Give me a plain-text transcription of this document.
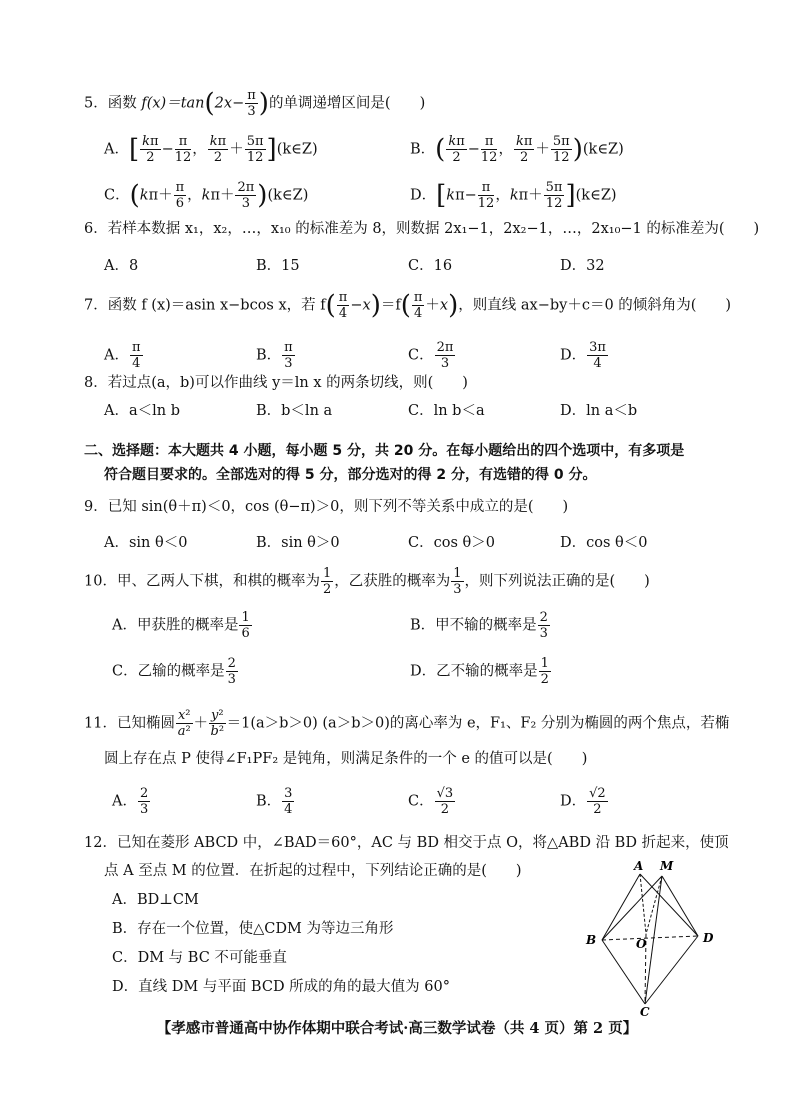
5．函数 $f(x)=\tan(2x- \frac{\pi}{3}$ )的单调递增区间是(　　)
A．[ $\frac{k\pi}{2} - \frac{\pi}{12}$ ， $\frac{k\pi}{2} + \frac{5\pi}{12}$ ](k∈Z)	B．( $\frac{k\pi}{2} - \frac{\pi}{12}$ ， $\frac{k\pi}{2} + \frac{5\pi}{12}$ )(k∈Z)
C．($k\pi+ \frac{\pi}{6}$ ，$k\pi+ \frac{2\pi}{3}$ )(k∈Z)	D．[$k\pi- \frac{\pi}{12}$ ，$k\pi+ \frac{5\pi}{12}$ ](k∈Z)
6．若样本数据 x₁，x₂，…，x₁₀ 的标准差为 8，则数据 2x₁−1，2x₂−1，…，2x₁₀−1 的标准差为(　　)
A．8	B．15	C．16	D．32
7．函数 f (x)＝asin x−bcos x，若 $f( \frac{\pi}{4} -x)=f( \frac{\pi}{4} +x)$，则直线 ax−by＋c＝0 的倾斜角为(　　)
A． $\frac{\pi}{4}$	B． $\frac{\pi}{3}$	C． $\frac{2\pi}{3}$	D． $\frac{3\pi}{4}$
8．若过点(a，b)可以作曲线 y＝ln x 的两条切线，则(　　)
A．a＜ln b	B．b＜ln a	C．ln b＜a	D．ln a＜b
二、选择题：本大题共 4 小题，每小题 5 分，共 20 分。在每小题给出的四个选项中，有多项是
符合题目要求的。全部选对的得 5 分，部分选对的得 2 分，有选错的得 0 分。
9．已知 sin(θ＋π)＜0，cos (θ−π)＞0，则下列不等关系中成立的是(　　)
A．sin θ＜0	B．sin θ＞0	C．cos θ＞0	D．cos θ＜0
10．甲、乙两人下棋，和棋的概率为 $\frac{1}{2}$ ，乙获胜的概率为 $\frac{1}{3}$ ，则下列说法正确的是(　　)
A．甲获胜的概率是 $\frac{1}{6}$	B．甲不输的概率是 $\frac{2}{3}$
C．乙输的概率是 $\frac{2}{3}$	D．乙不输的概率是 $\frac{1}{2}$
11．已知椭圆 $\frac{\text{x²}}{\text{a²}} + \frac{\text{y²}}{\text{b²}} =1(a>b>0)$ (a＞b＞0)的离心率为 e，F₁、F₂ 分别为椭圆的两个焦点，若椭
圆上存在点 P 使得∠F₁PF₂ 是钝角，则满足条件的一个 e 的值可以是(　　)
A． $\frac{2}{3}$	B． $\frac{3}{4}$	C． $\frac{√3}{2}$	D． $\frac{√2}{2}$
12．已知在菱形 ABCD 中，∠BAD＝60°，AC 与 BD 相交于点 O，将△ABD 沿 BD 折起来，使顶
点 A 至点 M 的位置．在折起的过程中，下列结论正确的是(　　)
A．BD⊥CM
B．存在一个位置，使△CDM 为等边三角形
C．DM 与 BC 不可能垂直
D．直线 DM 与平面 BCD 所成的角的最大值为 60°
A M
B	O	D
C
【孝感市普通高中协作体期中联合考试·高三数学试卷（共 4 页）第 2 页】
